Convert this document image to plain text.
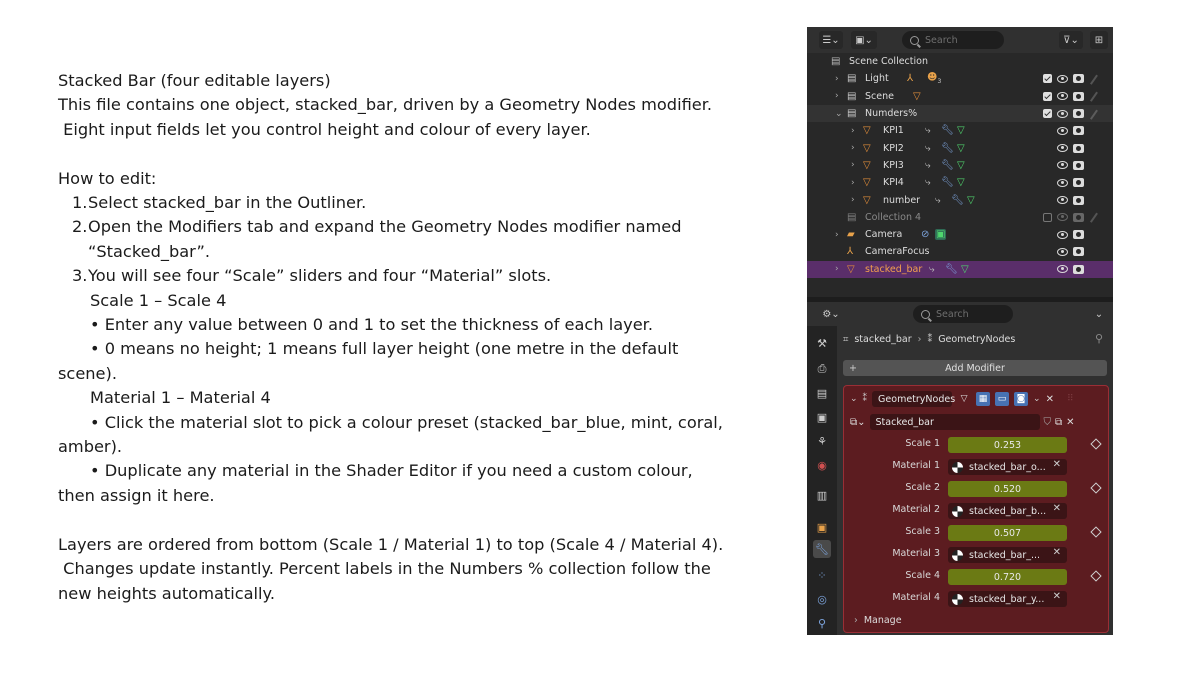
Stacked Bar (four editable layers)

This file contains one object, stacked_bar, driven by a Geometry Nodes modifier.

Eight input fields let you control height and colour of every layer.

How to edit:

1.Select stacked_bar in the Outliner.

2.Open the Modifiers tab and expand the Geometry Nodes modifier named

“Stacked_bar”.

3.You will see four “Scale” sliders and four “Material” slots.

Scale 1 – Scale 4

• Enter any value between 0 and 1 to set the thickness of each layer.

• 0 means no height; 1 means full layer height (one metre in the default

scene).

Material 1 – Material 4

• Click the material slot to pick a colour preset (stacked_bar_blue, mint, coral,

amber).

• Duplicate any material in the Shader Editor if you need a custom colour,

then assign it here.

Layers are ordered from bottom (Scale 1 / Material 1) to top (Scale 4 / Material 4).

Changes update instantly. Percent labels in the Numbers % collection follow the

new heights automatically.

☰⌄	▣⌄	Search	⊽⌄	⊞
▤ Scene Collection
› ▤ Light ⅄ $☻_3$
› ▤ Scene ▽
⌄ ▤ Numders%
› ▽ KPI1 ⤷ 🔧︎ ▽
› ▽ KPI2 ⤷ 🔧︎ ▽
› ▽ KPI3 ⤷ 🔧︎ ▽
› ▽ KPI4 ⤷ 🔧︎ ▽
› ▽ number ⤷ 🔧︎ ▽
▤ Collection 4
› ▰ Camera ⊘ ▣
⅄ CameraFocus
› ▽ stacked_bar ⤷ 🔧︎ ▽
⚙⌄	Search	⌄
⚒
⎙
▤
▣
⚘
◉
▥
▣
🔧︎
⁘
◎
⚲
⌗ stacked_bar › ⁑ GeometryNodes	⚲
+	Add Modifier
⌄ ⁑ GeometryNodes ▽	▦	▭	◙ ⌄ ✕ ⠿
⧉⌄ Stacked_bar	⛉ ⧉ ✕
Scale 1	0.253
Material 1	stacked_bar_o... ✕
Scale 2	0.520
Material 2	stacked_bar_b... ✕
Scale 3	0.507
Material 3	stacked_bar_... ✕
Scale 4	0.720
Material 4	stacked_bar_y... ✕
› Manage
